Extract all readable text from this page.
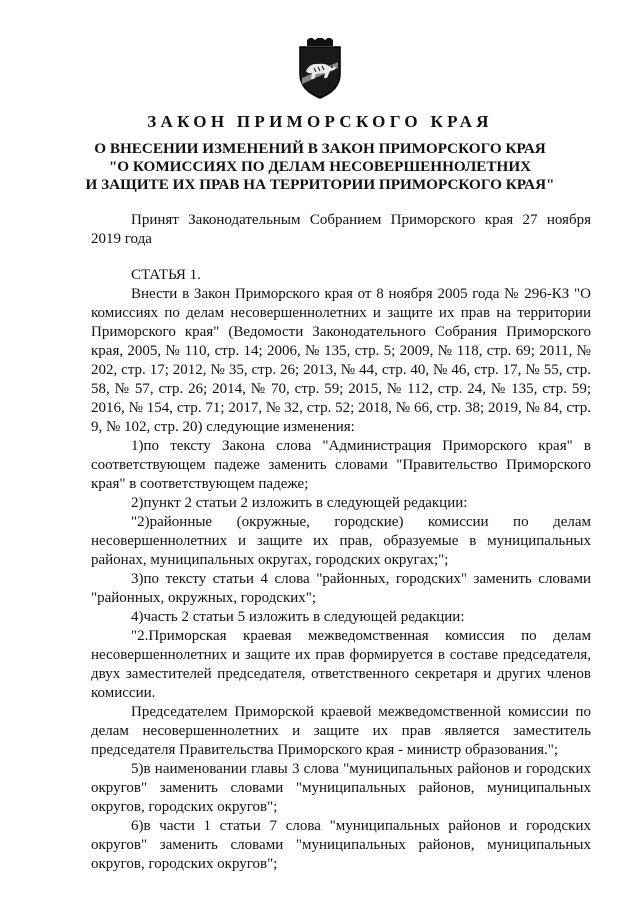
ЗАКОН ПРИМОРСКОГО КРАЯ
О ВНЕСЕНИИ ИЗМЕНЕНИЙ В ЗАКОН ПРИМОРСКОГО КРАЯ
"О КОМИССИЯХ ПО ДЕЛАМ НЕСОВЕРШЕННОЛЕТНИХ
И ЗАЩИТЕ ИХ ПРАВ НА ТЕРРИТОРИИ ПРИМОРСКОГО КРАЯ"

Принят Законодательным Собранием Приморского края 27 ноября 2019 года

СТАТЬЯ 1.

Внести в Закон Приморского края от 8 ноября 2005 года № 296-КЗ "О комиссиях по делам несовершеннолетних и защите их прав на территории Приморского края" (Ведомости Законодательного Собрания Приморского края, 2005, № 110, стр. 14; 2006, № 135, стр. 5; 2009, № 118, стр. 69; 2011, № 202, стр. 17; 2012, № 35, стр. 26; 2013, № 44, стр. 40, № 46, стр. 17, № 55, стр. 58, № 57, стр. 26; 2014, № 70, стр. 59; 2015, № 112, стр. 24, № 135, стр. 59; 2016, № 154, стр. 71; 2017, № 32, стр. 52; 2018, № 66, стр. 38; 2019, № 84, стр. 9, № 102, стр. 20) следующие изменения:

1)по тексту Закона слова "Администрация Приморского края" в соответствующем падеже заменить словами "Правительство Приморского края" в соответствующем падеже;

2)пункт 2 статьи 2 изложить в следующей редакции:

"2)районные (окружные, городские) комиссии по делам несовершеннолетних и защите их прав, образуемые в муниципальных районах, муниципальных округах, городских округах;";

3)по тексту статьи 4 слова "районных, городских" заменить словами "районных, окружных, городских";

4)часть 2 статьи 5 изложить в следующей редакции:

"2.Приморская краевая межведомственная комиссия по делам несовершеннолетних и защите их прав формируется в составе председателя, двух заместителей председателя, ответственного секретаря и других членов комиссии.

Председателем Приморской краевой межведомственной комиссии по делам несовершеннолетних и защите их прав является заместитель председателя Правительства Приморского края - министр образования.";

5)в наименовании главы 3 слова "муниципальных районов и городских округов" заменить словами "муниципальных районов, муниципальных округов, городских округов";

6)в части 1 статьи 7 слова "муниципальных районов и городских округов" заменить словами "муниципальных районов, муниципальных округов, городских округов";
